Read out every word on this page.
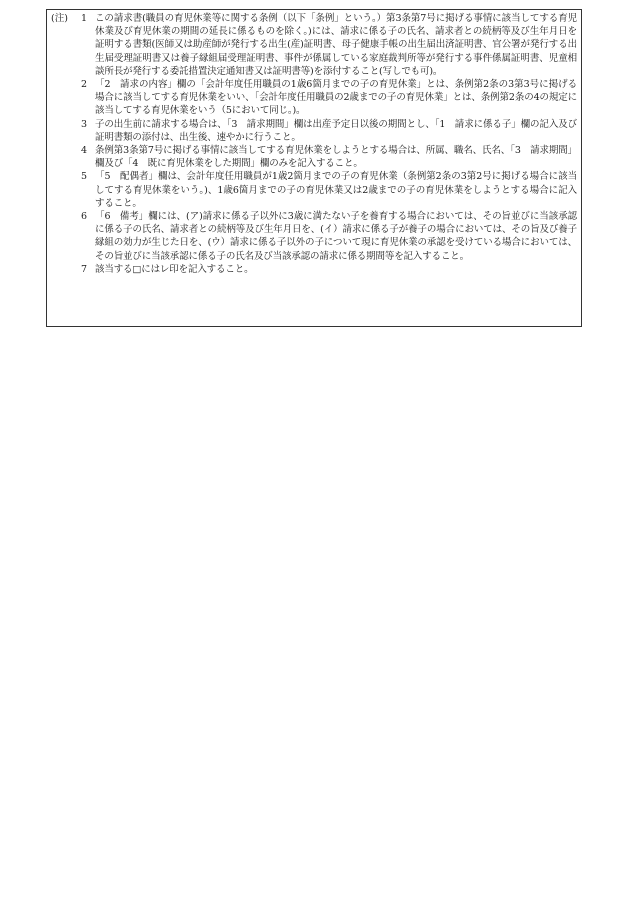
(注)	1 この請求書(職員の育児休業等に関する条例（以下「条例」という。）第3条第7号に掲げる事情に該当してする育児休業及び育児休業の期間の延長に係るものを除く。)には、請求に係る子の氏名、請求者との続柄等及び生年月日を証明する書類(医師又は助産師が発行する出生(産)証明書、母子健康手帳の出生届出済証明書、官公署が発行する出生届受理証明書又は養子縁組届受理証明書、事件が係属している家庭裁判所等が発行する事件係属証明書、児童相談所長が発行する委託措置決定通知書又は証明書等)を添付すること(写しでも可)。
2 「2　請求の内容」欄の「会計年度任用職員の1歳6箇月までの子の育児休業」とは、条例第2条の3第3号に掲げる場合に該当してする育児休業をいい、「会計年度任用職員の2歳までの子の育児休業」とは、条例第2条の4の規定に該当してする育児休業をいう（5において同じ。)。
3 子の出生前に請求する場合は、「3　請求期間」欄は出産予定日以後の期間とし、「1　請求に係る子」欄の記入及び証明書類の添付は、出生後、速やかに行うこと。
4 条例第3条第7号に掲げる事情に該当してする育児休業をしようとする場合は、所属、職名、氏名、「3　請求期間」欄及び「4　既に育児休業をした期間」欄のみを記入すること。
5 「5　配偶者」欄は、会計年度任用職員が1歳2箇月までの子の育児休業（条例第2条の3第2号に掲げる場合に該当してする育児休業をいう。)、1歳6箇月までの子の育児休業又は2歳までの子の育児休業をしようとする場合に記入すること。
6 「6　備考」欄には、(ア)請求に係る子以外に3歳に満たない子を養育する場合においては、その旨並びに当該承認に係る子の氏名、請求者との続柄等及び生年月日を、(イ）請求に係る子が養子の場合においては、その旨及び養子縁組の効力が生じた日を、(ウ）請求に係る子以外の子について現に育児休業の承認を受けている場合においては、その旨並びに当該承認に係る子の氏名及び当該承認の請求に係る期間等を記入すること。
7 該当する□にはレ印を記入すること。
